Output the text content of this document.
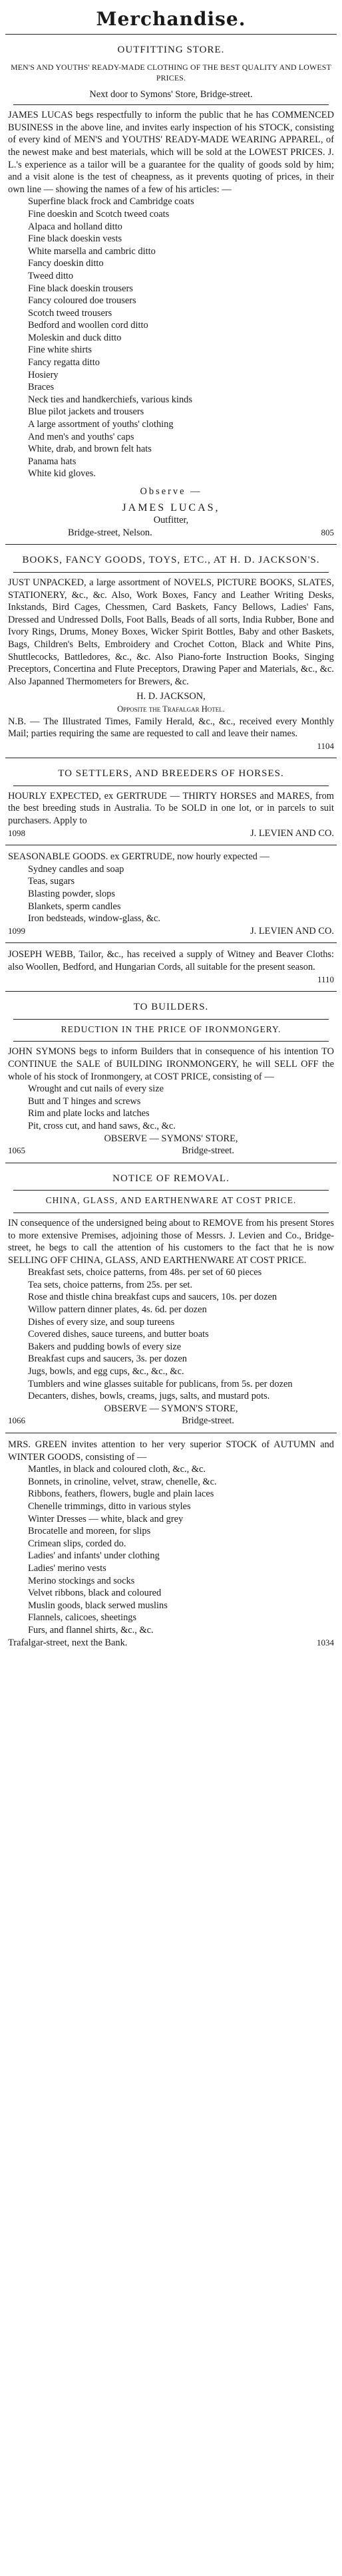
Merchandise.
OUTFITTING STORE.
MEN'S AND YOUTHS' READY-MADE CLOTHING OF THE BEST QUALITY AND LOWEST PRICES.
Next door to Symons' Store, Bridge-street.
JAMES LUCAS begs respectfully to inform the public that he has COMMENCED BUSINESS in the above line, and invites early inspection of his STOCK, consisting of every kind of MEN'S and YOUTHS' READY-MADE WEARING APPAREL, of the newest make and best materials, which will be sold at the LOWEST PRICES. J. L.'s experience as a tailor will be a guarantee for the quality of goods sold by him; and a visit alone is the test of cheapness, as it prevents quoting of prices, in their own line — showing the names of a few of his articles: —
Superfine black frock and Cambridge coats
Fine doeskin and Scotch tweed coats
Alpaca and holland ditto
Fine black doeskin vests
White marsella and cambric ditto
Fancy doeskin ditto
Tweed ditto
Fine black doeskin trousers
Fancy coloured doe trousers
Scotch tweed trousers
Bedford and woollen cord ditto
Moleskin and duck ditto
Fine white shirts
Fancy regatta ditto
Hosiery
Braces
Neck ties and handkerchiefs, various kinds
Blue pilot jackets and trousers
A large assortment of youths' clothing
And men's and youths' caps
White, drab, and brown felt hats
Panama hats
White kid gloves.
Observe —
JAMES LUCAS,
Outfitter,
Bridge-street, Nelson.	805
BOOKS, FANCY GOODS, TOYS, ETC., AT H. D. JACKSON'S.
JUST UNPACKED, a large assortment of NOVELS, PICTURE BOOKS, SLATES, STATIONERY, &c., &c. Also, Work Boxes, Fancy and Leather Writing Desks, Inkstands, Bird Cages, Chessmen, Card Baskets, Fancy Bellows, Ladies' Fans, Dressed and Undressed Dolls, Foot Balls, Beads of all sorts, India Rubber, Bone and Ivory Rings, Drums, Money Boxes, Wicker Spirit Bottles, Baby and other Baskets, Bags, Children's Belts, Embroidery and Crochet Cotton, Black and White Pins, Shuttlecocks, Battledores, &c., &c. Also Piano-forte Instruction Books, Singing Preceptors, Concertina and Flute Preceptors, Drawing Paper and Materials, &c., &c. Also Japanned Thermometers for Brewers, &c.
H. D. JACKSON,
Opposite the Trafalgar Hotel.
N.B. — The Illustrated Times, Family Herald, &c., &c., received every Monthly Mail; parties requiring the same are requested to call and leave their names.
1104
TO SETTLERS, AND BREEDERS OF HORSES.
HOURLY EXPECTED, ex GERTRUDE — THIRTY HORSES and MARES, from the best breeding studs in Australia. To be SOLD in one lot, or in parcels to suit purchasers. Apply to
1098	J. LEVIEN AND CO.
SEASONABLE GOODS. ex GERTRUDE, now hourly expected —
Sydney candles and soap
Teas, sugars
Blasting powder, slops
Blankets, sperm candles
Iron bedsteads, window-glass, &c.
1099	J. LEVIEN AND CO.
JOSEPH WEBB, Tailor, &c., has received a supply of Witney and Beaver Cloths: also Woollen, Bedford, and Hungarian Cords, all suitable for the present season.
1110
TO BUILDERS.
REDUCTION IN THE PRICE OF IRONMONGERY.
JOHN SYMONS begs to inform Builders that in consequence of his intention TO CONTINUE the SALE of BUILDING IRONMONGERY, he will SELL OFF the whole of his stock of Ironmongery, at COST PRICE, consisting of —
Wrought and cut nails of every size
Butt and T hinges and screws
Rim and plate locks and latches
Pit, cross cut, and hand saws, &c., &c.
OBSERVE — SYMONS' STORE,
1065	Bridge-street.
NOTICE OF REMOVAL.
CHINA, GLASS, AND EARTHENWARE AT COST PRICE.
IN consequence of the undersigned being about to REMOVE from his present Stores to more extensive Premises, adjoining those of Messrs. J. Levien and Co., Bridge-street, he begs to call the attention of his customers to the fact that he is now SELLING OFF CHINA, GLASS, AND EARTHENWARE AT COST PRICE.
Breakfast sets, choice patterns, from 48s. per set of 60 pieces
Tea sets, choice patterns, from 25s. per set.
Rose and thistle china breakfast cups and saucers, 10s. per dozen
Willow pattern dinner plates, 4s. 6d. per dozen
Dishes of every size, and soup tureens
Covered dishes, sauce tureens, and butter boats
Bakers and pudding bowls of every size
Breakfast cups and saucers, 3s. per dozen
Jugs, bowls, and egg cups, &c., &c., &c.
Tumblers and wine glasses suitable for publicans, from 5s. per dozen
Decanters, dishes, bowls, creams, jugs, salts, and mustard pots.
OBSERVE — SYMON'S STORE,
1066	Bridge-street.
MRS. GREEN invites attention to her very superior STOCK of AUTUMN and WINTER GOODS, consisting of —
Mantles, in black and coloured cloth, &c., &c.
Bonnets, in crinoline, velvet, straw, chenelle, &c.
Ribbons, feathers, flowers, bugle and plain laces
Chenelle trimmings, ditto in various styles
Winter Dresses — white, black and grey
Brocatelle and moreen, for slips
Crimean slips, corded do.
Ladies' and infants' under clothing
Ladies' merino vests
Merino stockings and socks
Velvet ribbons, black and coloured
Muslin goods, black serwed muslins
Flannels, calicoes, sheetings
Furs, and flannel shirts, &c., &c.
Trafalgar-street, next the Bank.	1034
